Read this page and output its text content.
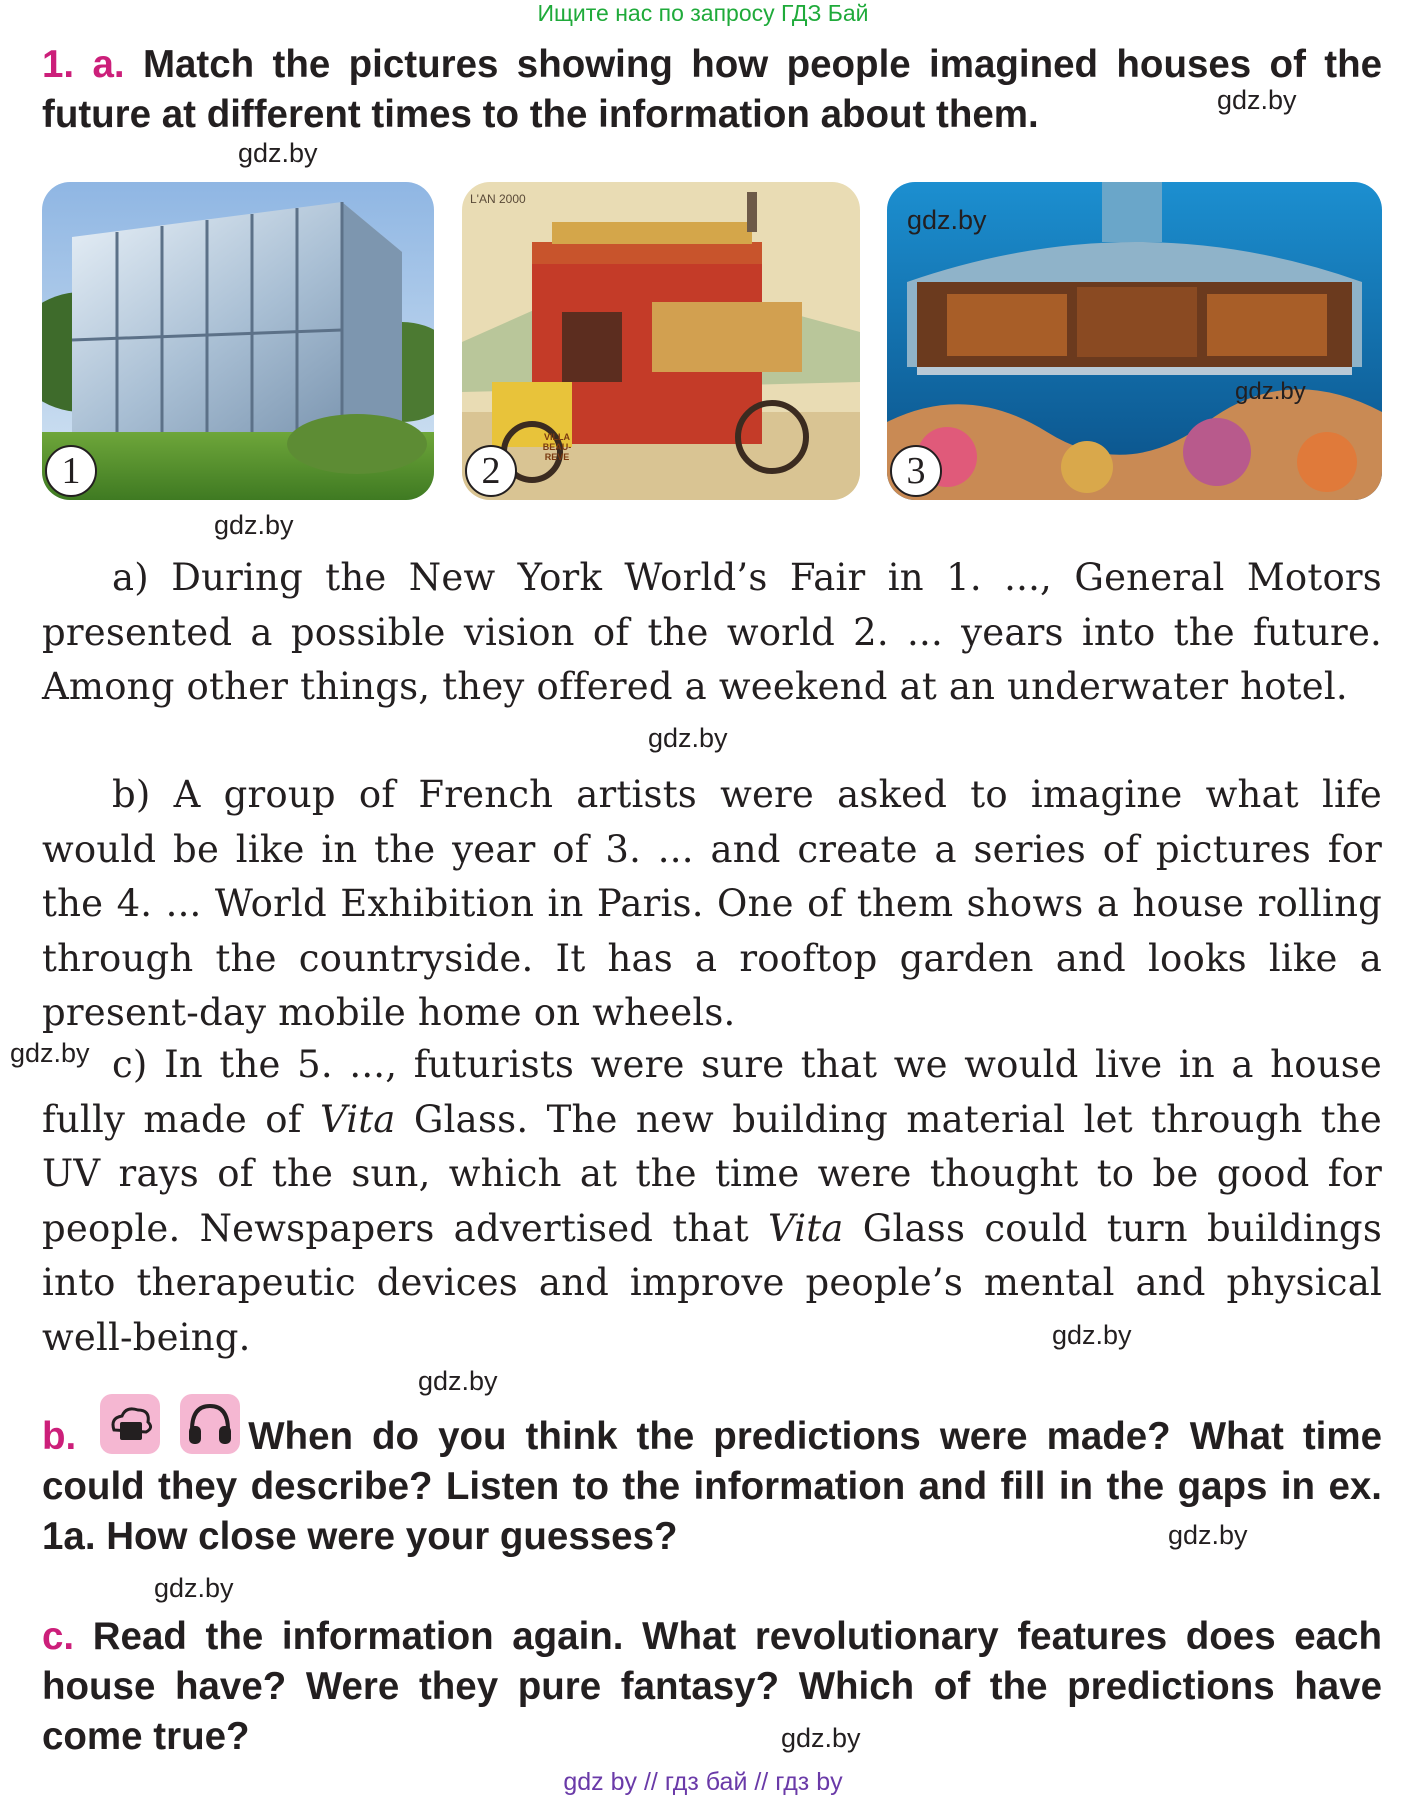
Ищите нас по запросу ГДЗ Бай
1. a. Match the pictures showing how people imagined houses of the future at different times to the information about them.	gdz.by
gdz.by
1
L'AN 2000
VILLA BEAU-REVE
2
gdz.by
gdz.by
3
gdz.by
a) During the New York World’s Fair in 1. ..., General Motors presented a possible vision of the world 2. ... years into the future. Among other things, they offered a weekend at an underwater hotel.
gdz.by
b) A group of French artists were asked to imagine what life would be like in the year of 3. ... and create a series of pictures for the 4. ... World Exhibition in Paris. One of them shows a house rolling through the countryside. It has a rooftop garden and looks like a present-day mobile home on wheels.
gdz.by c) In the 5. ..., futurists were sure that we would live in a house fully made of Vita Glass. The new building material let through the UV rays of the sun, which at the time were thought to be good for people. Newspapers advertised that Vita Glass could turn buildings into therapeutic devices and improve people’s mental and physical well-being.	gdz.by
gdz.by
b.	When do you think the predictions were made? What time could they describe? Listen to the information and fill in the gaps in ex. 1a. How close were your guesses?	gdz.by
gdz.by
c. Read the information again. What revolutionary features does each house have? Were they pure fantasy? Which of the predictions have come true?	gdz.by
gdz by // гдз бай // гдз by
